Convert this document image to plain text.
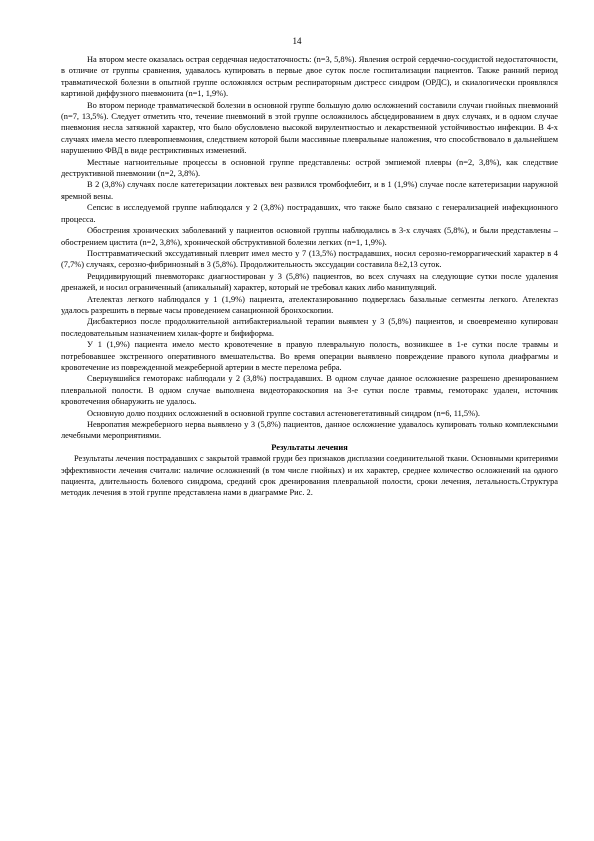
14

На втором месте оказалась острая сердечная недостаточность: (n=3, 5,8%). Явления острой сердечно-сосудистой недостаточности, в отличие от группы сравнения, удавалось купировать в первые двое суток после госпитализации пациентов. Также ранний период травматической болезни в опытной группе осложнялся острым респираторным дистресс синдром (ОРДС), и скиалогически проявлялся картиной диффузного пневмонита (n=1, 1,9%).

Во втором периоде травматической болезни в основной группе большую долю осложнений составили случаи гнойных пневмоний (n=7, 13,5%). Следует отметить что, течение пневмоний в этой группе осложнилось абсцедированием в двух случаях, и в одном случае пневмония несла затяжной характер, что было обусловлено высокой вирулентностью и лекарственной устойчивостью инфекции. В 4-х случаях имела место плевропневмония, следствием которой были массивные плевральные наложения, что способствовало в дальнейшем нарушению ФВД в виде рестриктивных изменений.

Местные нагноительные процессы в основной группе представлены: острой эмпиемой плевры (n=2, 3,8%), как следствие деструктивной пневмонии (n=2, 3,8%).

В 2 (3,8%) случаях после катетеризации локтевых вен развился тромбофлебит, и в 1 (1,9%) случае после катетеризации наружной яремной вены.

Сепсис в исследуемой группе наблюдался у 2 (3,8%) пострадавших, что также было связано с генерализацией инфекционного процесса.

Обострения хронических заболеваний у пациентов основной группы наблюдались в 3-х случаях (5,8%), и были представлены – обострением цистита (n=2, 3,8%), хронической обструктивной болезни легких (n=1, 1,9%).

Посттравматический экссудативный плеврит имел место у 7 (13,5%) пострадавших, носил серозно-геморрагический характер в 4 (7,7%) случаях, серозно-фибринозный в 3 (5,8%). Продолжительность экссудации составила 8±2,13 суток.

Рецидивирующий пневмоторакс диагностирован у 3 (5,8%) пациентов, во всех случаях на следующие сутки после удаления дренажей, и носил ограниченный (апикальный) характер, который не требовал каких либо манипуляций.

Ателектаз легкого наблюдался у 1 (1,9%) пациента, ателектазированию подверглась базальные сегменты легкого. Ателектаз удалось разрешить в первые часы проведением санационной бронхоскопии.

Дисбактериоз после продолжительной антибактериальной терапии выявлен у 3 (5,8%) пациентов, и своевременно купирован последовательным назначением хилак-форте и бифиформа.

У 1 (1,9%) пациента имело место кровотечение в правую плевральную полость, возникшее в 1-е сутки после травмы и потребовавшее экстренного оперативного вмешательства. Во время операции выявлено повреждение правого купола диафрагмы и кровотечение из поврежденной межреберной артерии в месте перелома ребра.

Свернувшийся гемоторакс наблюдали у 2 (3,8%) пострадавших. В одном случае данное осложнение разрешено дренированием плевральной полости. В одном случае выполнена видеоторакоскопия на 3-е сутки после травмы, гемоторакс удален, источник кровотечения обнаружить не удалось.

Основную долю поздних осложнений в основной группе составил астеновегетативный синдром (n=6, 11,5%).

Невропатия межреберного нерва выявлено у 3 (5,8%) пациентов, данное осложнение удавалось купировать только комплексными лечебными мероприятиями.

Результаты лечения

Результаты лечения пострадавших с закрытой травмой груди без признаков дисплазии соединительной ткани. Основными критериями эффективности лечения считали: наличие осложнений (в том числе гнойных) и их характер, среднее количество осложнений на одного пациента, длительность болевого синдрома, средний срок дренирования плевральной полости, сроки лечения, летальность.Структура методик лечения в этой группе представлена нами в диаграмме Рис. 2.
